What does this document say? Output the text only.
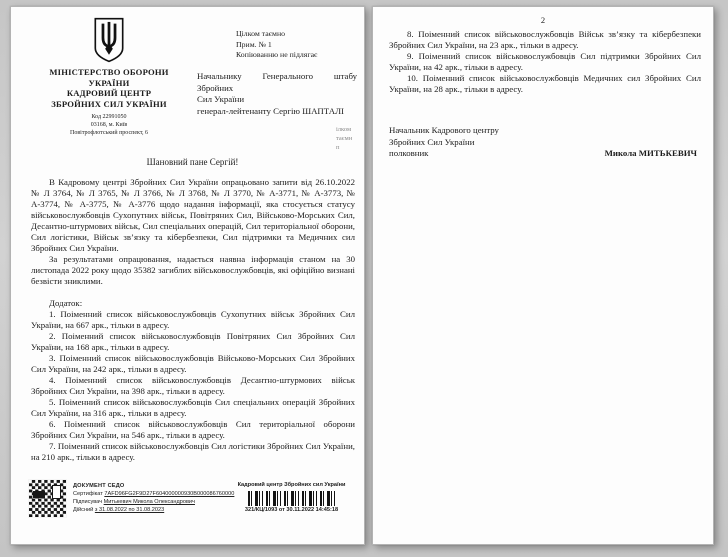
МІНІСТЕРСТВО ОБОРОНИ
УКРАЇНИ
КАДРОВИЙ ЦЕНТР
ЗБРОЙНИХ СИЛ УКРАЇНИ
Код 22991050
03168, м. Київ
Повітрофлотський проспект, 6
Цілком таємно
Прим. № 1
Копіюванню не підлягає
Начальнику Генерального штабу Збройних
Сил України
генерал-лейтенанту Сергію ШАПТАЛІ
ілком
таємн
п
Шановний пане Сергій!

В Кадровому центрі Збройних Сил України опрацьовано запити від 26.10.2022 № Л 3764, № Л 3765, № Л 3766, № Л 3768, № Л 3770, № А-3771, № А-3773, № А-3774, № А-3775, № А-3776 щодо надання інформації, яка стосується статусу військовослужбовців Сухопутних військ, Повітряних Сил, Військово-Морських Сил, Десантно-штурмових військ, Сил спеціальних операцій, Сил територіальної оборони, Сил логістики, Військ зв’язку та кібербезпеки, Сил підтримки та Медичних сил Збройних Сил України.

За результатами опрацювання, надається наявна інформація станом на 30 листопада 2022 року щодо 35382 загиблих військовослужбовців, які офіційно визнані безвісти зниклими.

Додаток:

1. Поіменний список військовослужбовців Сухопутних військ Збройних Сил України, на 667 арк., тільки в адресу.

2. Поіменний список військовослужбовців Повітряних Сил Збройних Сил України, на 168 арк., тільки в адресу.

3. Поіменний список військовослужбовців Військово-Морських Сил Збройних Сил України, на 242 арк., тільки в адресу.

4. Поіменний список військовослужбовців Десантно-штурмових військ Збройних Сил України, на 398 арк., тільки в адресу.

5. Поіменний список військовослужбовців Сил спеціальних операцій Збройних Сил України, на 316 арк., тільки в адресу.

6. Поіменний список військовослужбовців Сил територіальної оборони Збройних Сил України, на 546 арк., тільки в адресу.

7. Поіменний список військовослужбовців Сил логістики Збройних Сил України, на 210 арк., тільки в адресу.

ДОКУМЕНТ СЕДО
Сертифікат 7AFD96FG2F9D27F604000000930B000086760000
Підписувач Митькевич Микола Олександрович
Дійсний з 31.08.2022 по 31.08.2023
Кадровий центр Збройних сил України
321/КЦ/1093 от 30.11.2022 14:45:18
2

8. Поіменний список військовослужбовців Військ зв’язку та кібербезпеки Збройних Сил України, на 23 арк., тільки в адресу.

9. Поіменний список військовослужбовців Сил підтримки Збройних Сил України, на 42 арк., тільки в адресу.

10. Поіменний список військовослужбовців Медичних сил Збройних Сил України, на 28 арк., тільки в адресу.

Начальник Кадрового центру
Збройних Сил України
полковник	Микола МИТЬКЕВИЧ
